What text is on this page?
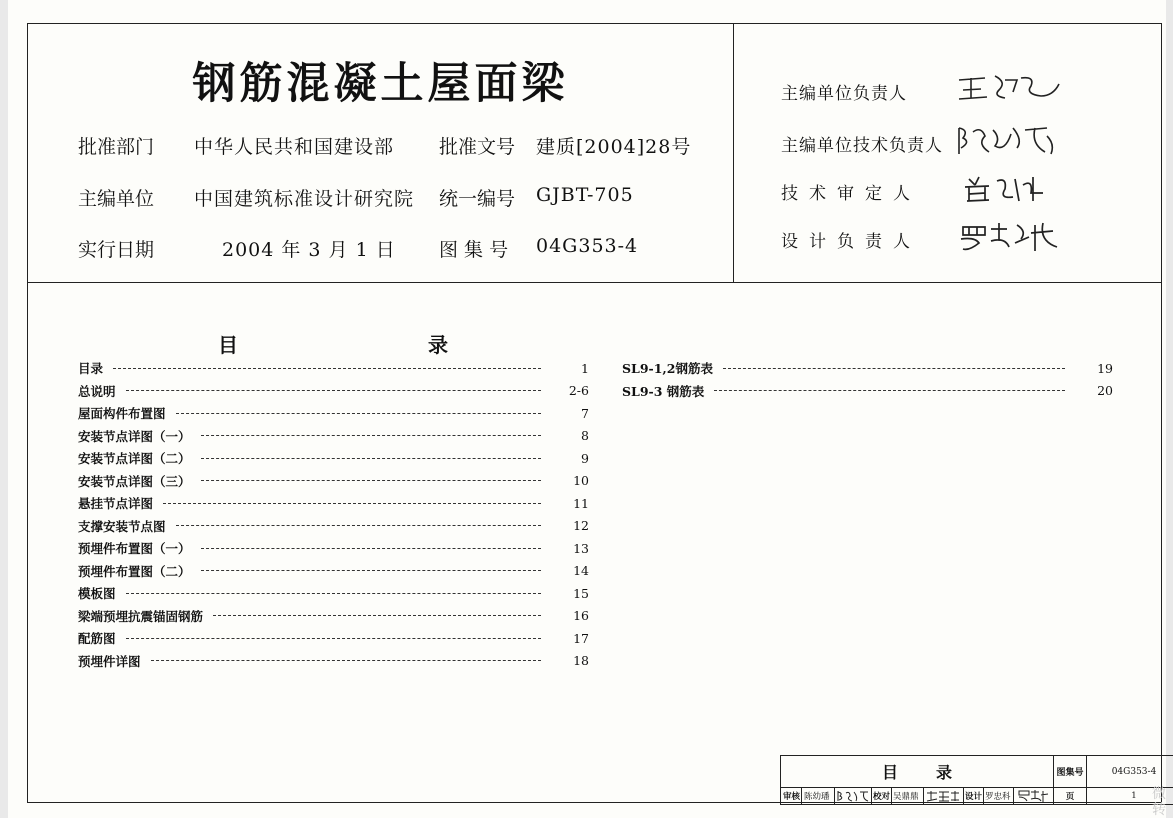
钢筋混凝土屋面梁
批准部门 中华人民共和国建设部 批准文号 建质[2004]28号
主编单位 中国建筑标准设计研究院 统一编号 GJBT-705
实行日期	2004 年 3 月 1 日 图 集 号 04G353-4
主编单位负责人
主编单位技术负责人
技术审定人
设计负责人
目	录
目录	1
总说明	2-6
屋面构件布置图	7
安装节点详图（一）	8
安装节点详图（二）	9
安装节点详图（三）	10
悬挂节点详图	11
支撑安装节点图	12
预埋件布置图（一）	13
预埋件布置图（二）	14
模板图	15
梁端预埋抗震锚固钢筋	16
配筋图	17
预埋件详图	18
SL9-1,2钢筋表	19
SL9-3 钢筋表	20
目 录	图集号	04G353-4
审核 陈幼璠	校对 吴鼎鼎	设计 罗忠科	页	1	微 转
